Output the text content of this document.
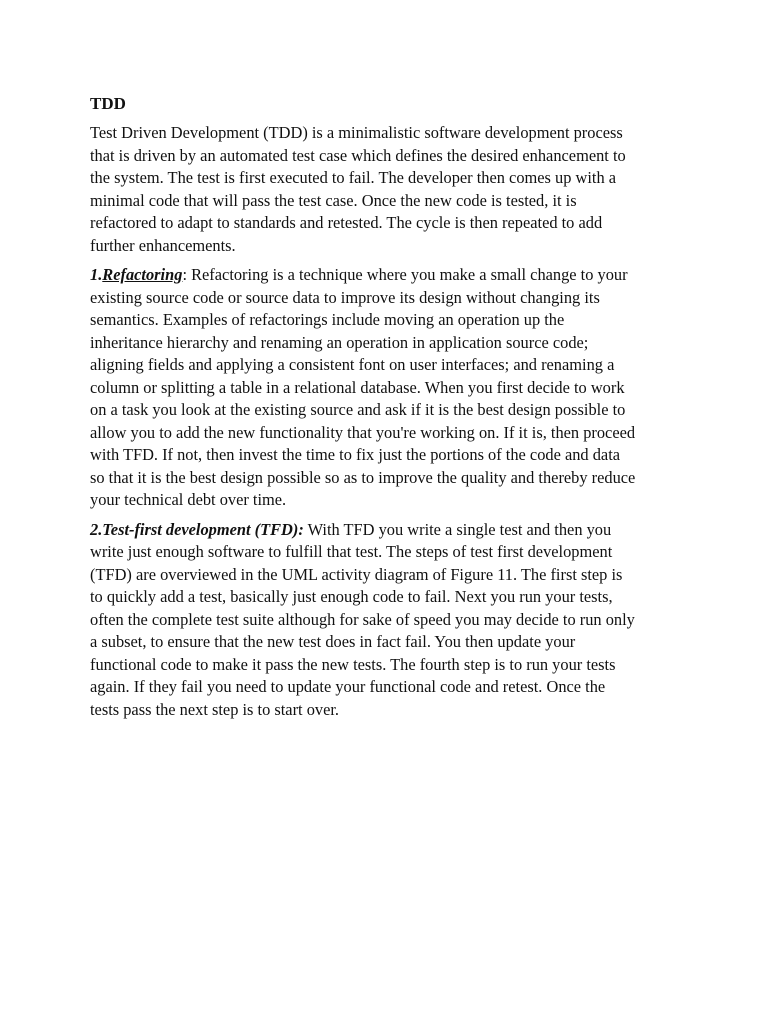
TDD
Test Driven Development (TDD) is a minimalistic software development process
that is driven by an automated test case which defines the desired enhancement to
the system. The test is first executed to fail. The developer then comes up with a
minimal code that will pass the test case. Once the new code is tested, it is
refactored to adapt to standards and retested. The cycle is then repeated to add
further enhancements.
1.Refactoring: Refactoring is a technique where you make a small change to your
existing source code or source data to improve its design without changing its
semantics. Examples of refactorings include moving an operation up the
inheritance hierarchy and renaming an operation in application source code;
aligning fields and applying a consistent font on user interfaces; and renaming a
column or splitting a table in a relational database. When you first decide to work
on a task you look at the existing source and ask if it is the best design possible to
allow you to add the new functionality that you're working on. If it is, then proceed
with TFD. If not, then invest the time to fix just the portions of the code and data
so that it is the best design possible so as to improve the quality and thereby reduce
your technical debt over time.
2.Test-first development (TFD): With TFD you write a single test and then you
write just enough software to fulfill that test. The steps of test first development
(TFD) are overviewed in the UML activity diagram of Figure 11. The first step is
to quickly add a test, basically just enough code to fail. Next you run your tests,
often the complete test suite although for sake of speed you may decide to run only
a subset, to ensure that the new test does in fact fail. You then update your
functional code to make it pass the new tests. The fourth step is to run your tests
again. If they fail you need to update your functional code and retest. Once the
tests pass the next step is to start over.
